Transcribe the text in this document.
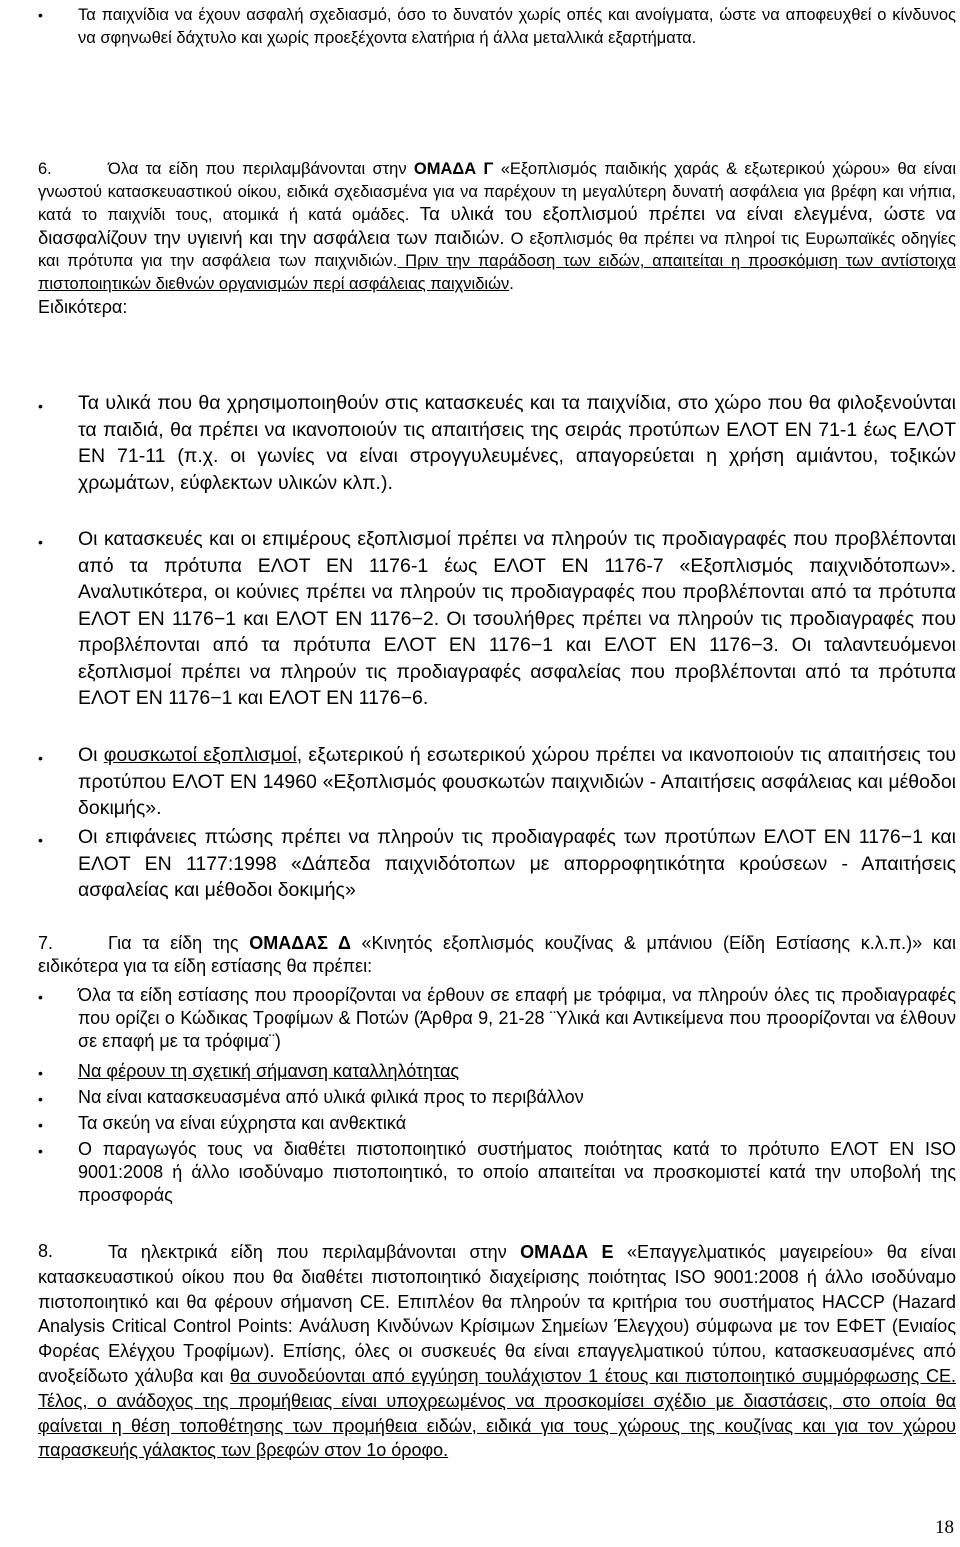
• Τα παιχνίδια να έχουν ασφαλή σχεδιασμό, όσο το δυνατόν χωρίς οπές και ανοίγματα, ώστε να αποφευχθεί ο κίνδυνος να σφηνωθεί δάχτυλο και χωρίς προεξέχοντα ελατήρια ή άλλα μεταλλικά εξαρτήματα.

6.	Όλα τα είδη που περιλαμβάνονται στην ΟΜΑΔΑ Γ «Εξοπλισμός παιδικής χαράς & εξωτερικού χώρου» θα είναι γνωστού κατασκευαστικού οίκου, ειδικά σχεδιασμένα για να παρέχουν τη μεγαλύτερη δυνατή ασφάλεια για βρέφη και νήπια, κατά το παιχνίδι τους, ατομικά ή κατά ομάδες. Τα υλικά του εξοπλισμού πρέπει να είναι ελεγμένα, ώστε να διασφαλίζουν την υγιεινή και την ασφάλεια των παιδιών. Ο εξοπλισμός θα πρέπει να πληροί τις Ευρωπαϊκές οδηγίες και πρότυπα για την ασφάλεια των παιχνιδιών. Πριν την παράδοση των ειδών, απαιτείται η προσκόμιση των αντίστοιχα πιστοποιητικών διεθνών οργανισμών περί ασφάλειας παιχνιδιών.

Ειδικότερα:

• Τα υλικά που θα χρησιμοποιηθούν στις κατασκευές και τα παιχνίδια, στο χώρο που θα φιλοξενούνται τα παιδιά, θα πρέπει να ικανοποιούν τις απαιτήσεις της σειράς προτύπων ΕΛΟΤ ΕΝ 71-1 έως ΕΛΟΤ ΕΝ 71-11 (π.χ. οι γωνίες να είναι στρογγυλευμένες, απαγορεύεται η χρήση αμιάντου, τοξικών χρωμάτων, εύφλεκτων υλικών κλπ.).

• Οι κατασκευές και οι επιμέρους εξοπλισμοί πρέπει να πληρούν τις προδιαγραφές που προβλέπονται από τα πρότυπα ΕΛΟΤ ΕΝ 1176-1 έως ΕΛΟΤ ΕΝ 1176-7 «Εξοπλισμός παιχνιδότοπων». Αναλυτικότερα, οι κούνιες πρέπει να πληρούν τις προδιαγραφές που προβλέπονται από τα πρότυπα ΕΛΟΤ ΕΝ 1176−1 και ΕΛΟΤ ΕΝ 1176−2. Οι τσουλήθρες πρέπει να πληρούν τις προδιαγραφές που προβλέπονται από τα πρότυπα ΕΛΟΤ ΕΝ 1176−1 και ΕΛΟΤ ΕΝ 1176−3. Οι ταλαντευόμενοι εξοπλισμοί πρέπει να πληρούν τις προδιαγραφές ασφαλείας που προβλέπονται από τα πρότυπα ΕΛΟΤ ΕΝ 1176−1 και ΕΛΟΤ ΕΝ 1176−6.

• Οι φουσκωτοί εξοπλισμοί, εξωτερικού ή εσωτερικού χώρου πρέπει να ικανοποιούν τις απαιτήσεις του προτύπου ΕΛΟΤ ΕΝ 14960 «Εξοπλισμός φουσκωτών παιχνιδιών - Απαιτήσεις ασφάλειας και μέθοδοι δοκιμής».

• Οι επιφάνειες πτώσης πρέπει να πληρούν τις προδιαγραφές των προτύπων ΕΛΟΤ ΕΝ 1176−1 και ΕΛΟΤ ΕΝ 1177:1998 «Δάπεδα παιχνιδότοπων με απορροφητικότητα κρούσεων - Απαιτήσεις ασφαλείας και μέθοδοι δοκιμής»

7.	Για τα είδη της ΟΜΑΔΑΣ Δ «Κινητός εξοπλισμός κουζίνας & μπάνιου (Είδη Εστίασης κ.λ.π.)» και ειδικότερα για τα είδη εστίασης θα πρέπει:

• Όλα τα είδη εστίασης που προορίζονται να έρθουν σε επαφή με τρόφιμα, να πληρούν όλες τις προδιαγραφές που ορίζει ο Κώδικας Τροφίμων & Ποτών (Άρθρα 9, 21-28 ¨Υλικά και Αντικείμενα που προορίζονται να έλθουν σε επαφή με τα τρόφιμα¨)

• Να φέρουν τη σχετική σήμανση καταλληλότητας

• Να είναι κατασκευασμένα από υλικά φιλικά προς το περιβάλλον

• Τα σκεύη να είναι εύχρηστα και ανθεκτικά

• Ο παραγωγός τους να διαθέτει πιστοποιητικό συστήματος ποιότητας κατά το πρότυπο ΕΛΟΤ ΕΝ ISO 9001:2008 ή άλλο ισοδύναμο πιστοποιητικό, το οποίο απαιτείται να προσκομιστεί κατά την υποβολή της προσφοράς

8.	Τα ηλεκτρικά είδη που περιλαμβάνονται στην ΟΜΑΔΑ Ε «Επαγγελματικός μαγειρείου» θα είναι κατασκευαστικού οίκου που θα διαθέτει πιστοποιητικό διαχείρισης ποιότητας ISO 9001:2008 ή άλλο ισοδύναμο πιστοποιητικό και θα φέρουν σήμανση CE. Επιπλέον θα πληρούν τα κριτήρια του συστήματος HACCP (Hazard Analysis Critical Control Points: Ανάλυση Κινδύνων Κρίσιμων Σημείων Έλεγχου) σύμφωνα με τον ΕΦΕΤ (Ενιαίος Φορέας Ελέγχου Τροφίμων). Επίσης, όλες οι συσκευές θα είναι επαγγελματικού τύπου, κατασκευασμένες από ανοξείδωτο χάλυβα και θα συνοδεύονται από εγγύηση τουλάχιστον 1 έτους και πιστοποιητικό συμμόρφωσης CE. Τέλος, ο ανάδοχος της προμήθειας είναι υποχρεωμένος να προσκομίσει σχέδιο με διαστάσεις, στο οποία θα φαίνεται η θέση τοποθέτησης των προμήθεια ειδών, ειδικά για τους χώρους της κουζίνας και για τον χώρου παρασκευής γάλακτος των βρεφών στον 1ο όροφο.

18
